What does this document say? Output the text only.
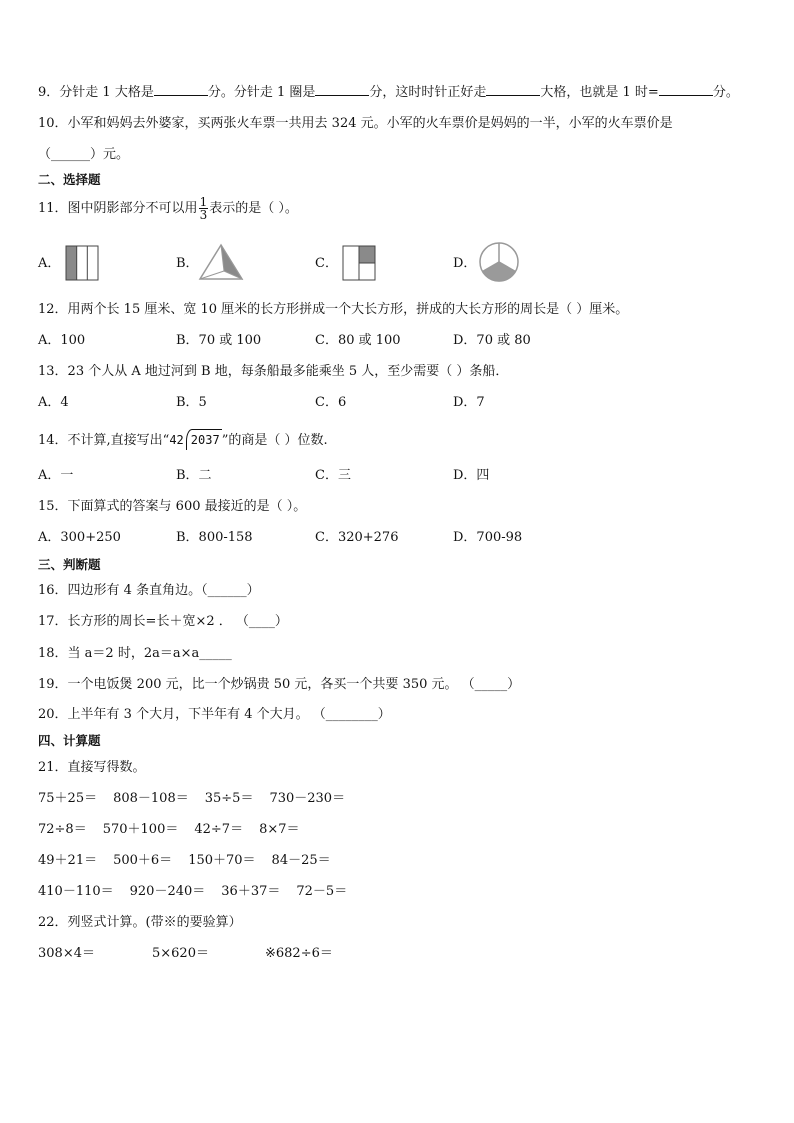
9．分针走 1 大格是	分。分针走 1 圈是	分，这时时针正好走	大格，也就是 1 时=	分。
10．小军和妈妈去外婆家，买两张火车票一共用去 324 元。小军的火车票价是妈妈的一半，小军的火车票价是
（______）元。
二、选择题
11．图中阴影部分不可以用 $\frac{1}{3}$ 表示的是（ ）。
A．	B．	C．	D．
12．用两个长 15 厘米、宽 10 厘米的长方形拼成一个大长方形，拼成的大长方形的周长是（ ）厘米。
A．100	B．70 或 100	C．80 或 100	D．70 或 80
13．23 个人从 A 地过河到 B 地，每条船最多能乘坐 5 人，至少需要（ ）条船．
A．4	B．5	C．6	D．7
14．不计算,直接写出“42 2037 ”的商是（ ）位数.
A．一	B．二	C．三	D．四
15．下面算式的答案与 600 最接近的是（ ）。
A．300+250	B．800-158	C．320+276	D．700-98
三、判断题
16．四边形有 4 条直角边。（______）
17．长方形的周长=长＋宽×2 ． （____）
18．当 a＝2 时，2a＝a×a_____
19．一个电饭煲 200 元，比一个炒锅贵 50 元，各买一个共要 350 元。 （_____）
20．上半年有 3 个大月，下半年有 4 个大月。 （________）
四、计算题
21．直接写得数。
75＋25＝ 808－108＝ 35÷5＝ 730－230＝
72÷8＝ 570＋100＝ 42÷7＝ 8×7＝
49＋21＝ 500＋6＝ 150＋70＝ 84－25＝
410－110＝ 920－240＝ 36＋37＝ 72－5＝
22．列竖式计算。(带※的要验算）
308×4＝	5×620＝	※682÷6＝
